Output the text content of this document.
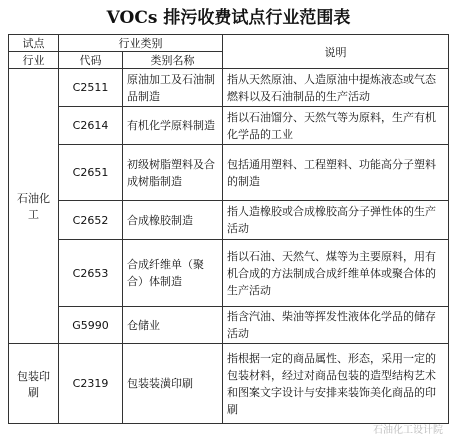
VOCs 排污收费试点行业范围表
试点	行业类别		说明
行业	代码	类别名称	
石油化工	C2511	原油加工及石油制品制造	指从天然原油、人造原油中提炼液态或气态燃料以及石油制品的生产活动
	C2614	有机化学原料制造	指以石油馏分、天然气等为原料，生产有机化学品的工业
	C2651	初级树脂塑料及合成树脂制造	包括通用塑料、工程塑料、功能高分子塑料的制造
	C2652	合成橡胶制造	指人造橡胶或合成橡胶高分子弹性体的生产活动
	C2653	合成纤维单（聚合）体制造	指以石油、天然气、煤等为主要原料，用有机合成的方法制成合成纤维单体或聚合体的生产活动
	G5990	仓储业	指含汽油、柴油等挥发性液体化学品的储存活动
包装印刷	C2319	包装装潢印刷	指根据一定的商品属性、形态，采用一定的包装材料，经过对商品包装的造型结构艺术和图案文字设计与安排来装饰美化商品的印刷
石油化工设计院
